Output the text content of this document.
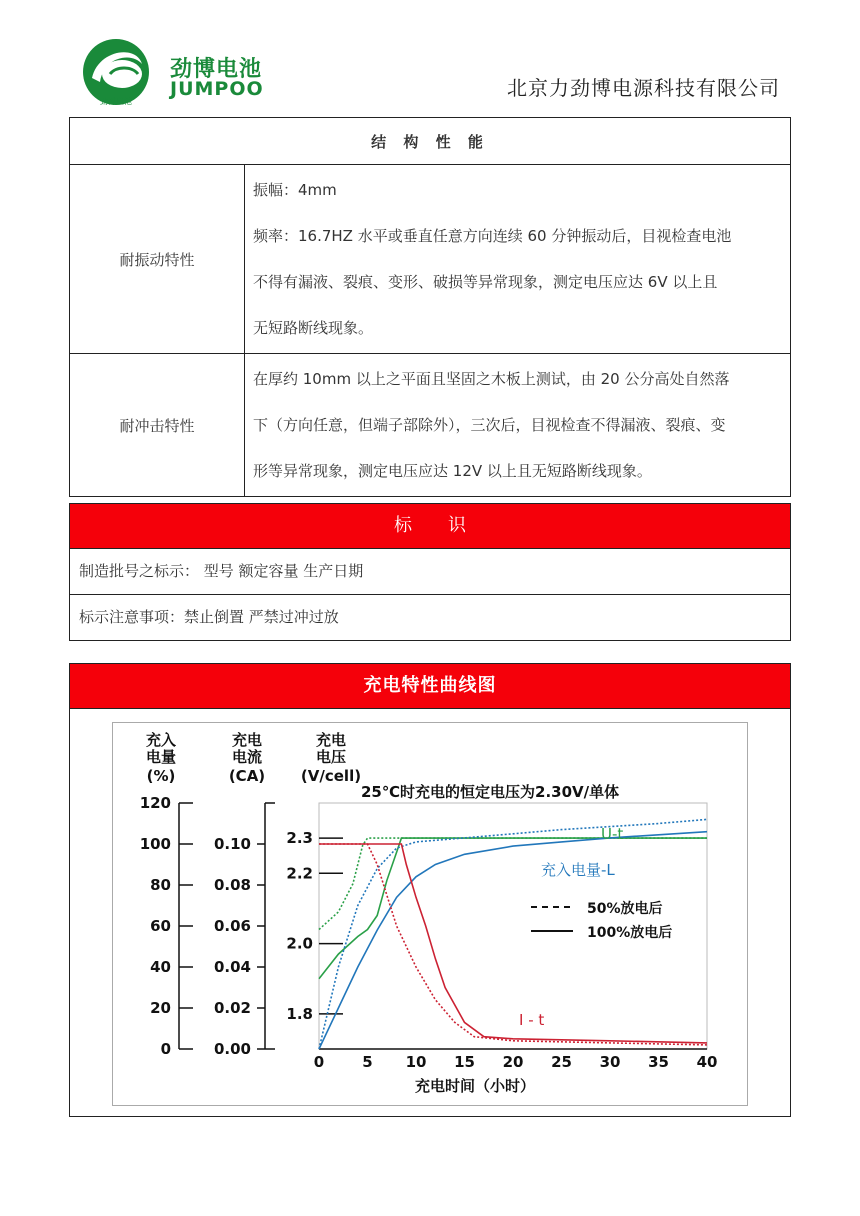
劲博电池
劲博电池
JUMPOO	北京力劲博电源科技有限公司
结 构 性 能	
耐振动特性	振幅：4mm

频率：16.7HZ 水平或垂直任意方向连续 60 分钟振动后，目视检查电池

不得有漏液、裂痕、变形、破损等异常现象，测定电压应达 6V 以上且

无短路断线现象。

耐冲击特性	在厚约 10mm 以上之平面且坚固之木板上测试，由 20 公分高处自然落

下（方向任意，但端子部除外），三次后，目视检查不得漏液、裂痕、变

形等异常现象，测定电压应达 12V 以上且无短路断线现象。

标　　识
制造批号之标示： 型号 额定容量 生产日期
标示注意事项：禁止倒置 严禁过冲过放
充电特性曲线图
充入
电量
(%)
充电
电流
(CA)
充电
电压
(V/cell)
25℃时充电的恒定电压为2.30V/单体
充电时间（小时）
0
20
40
60
80
100
120
0.00
0.02
0.04
0.06
0.08
0.10
1.8
2.0
2.2
2.3
0	5 10 15 20 25 30 35 40
U-t
充入电量-L
I - t
50%放电后
100%放电后
